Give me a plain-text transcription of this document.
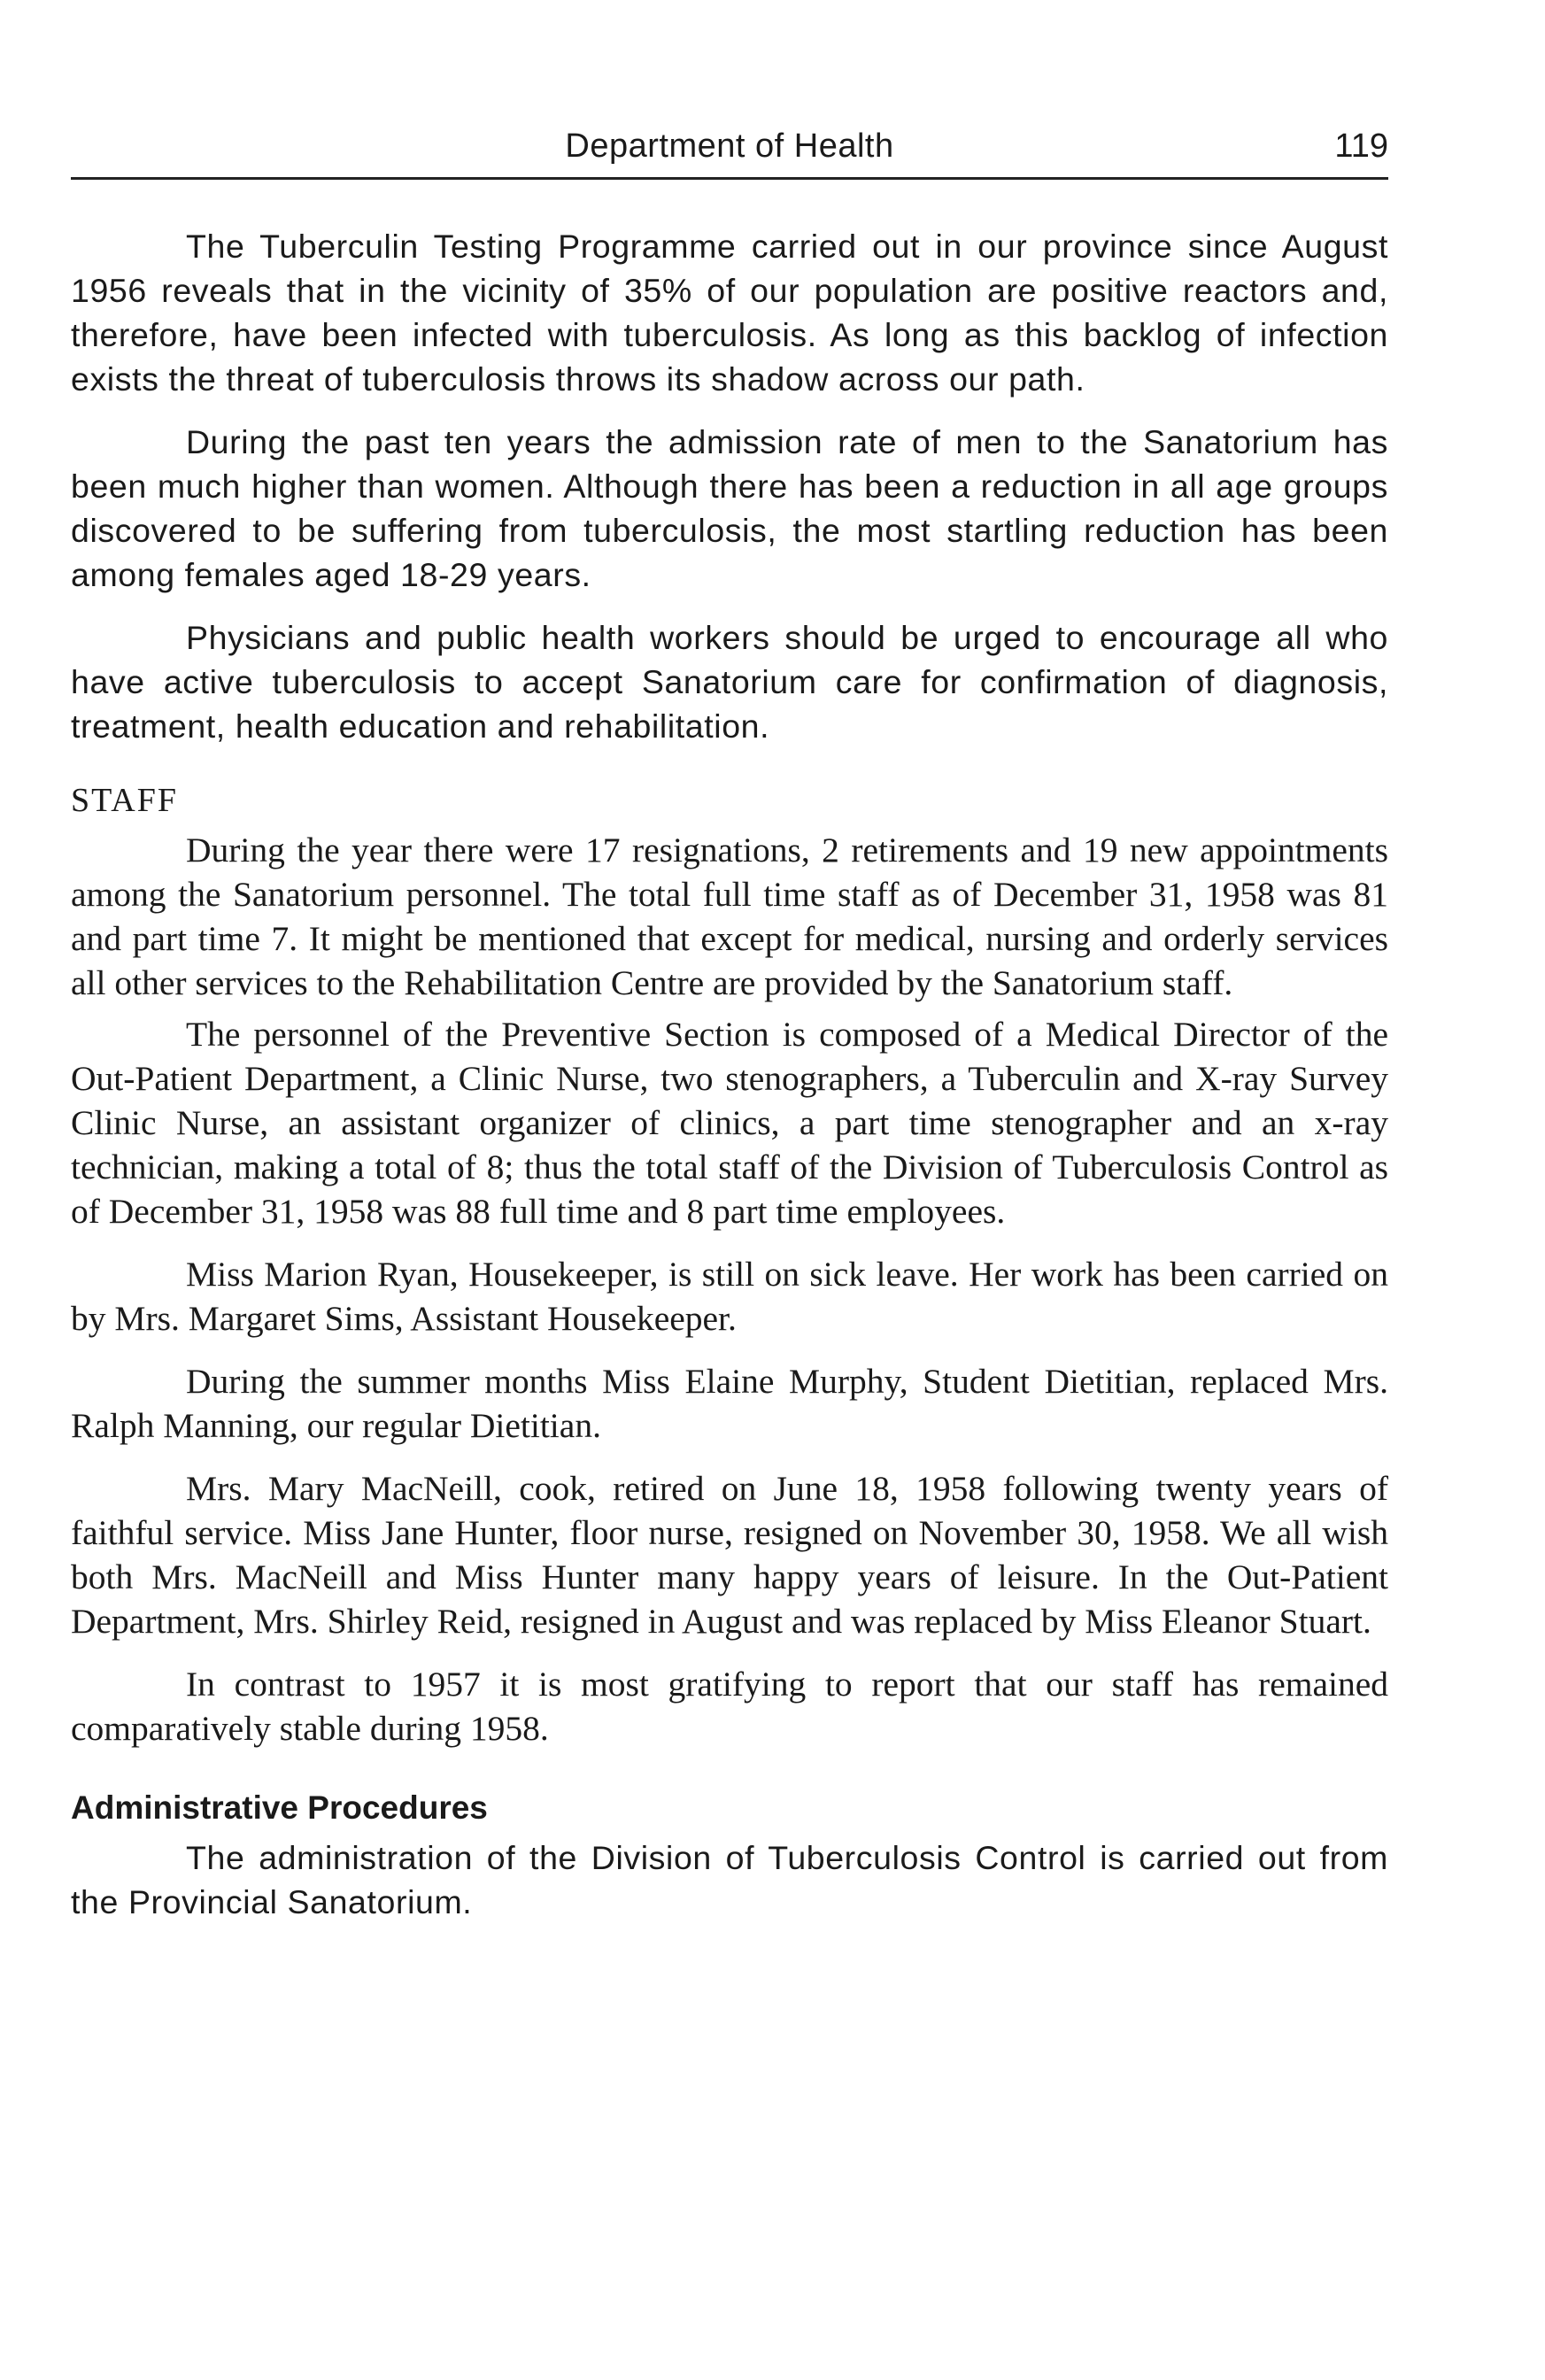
Department of Health	119

The Tuberculin Testing Programme carried out in our province since August 1956 reveals that in the vicinity of 35% of our population are positive reactors and, therefore, have been infected with tuberculosis. As long as this backlog of infection exists the threat of tuberculosis throws its shadow across our path.

During the past ten years the admission rate of men to the Sanatorium has been much higher than women. Although there has been a reduction in all age groups discovered to be suffering from tuberculosis, the most startling reduction has been among females aged 18-29 years.

Physicians and public health workers should be urged to encourage all who have active tuberculosis to accept Sanatorium care for confirmation of diagnosis, treatment, health education and rehabilitation.

STAFF

During the year there were 17 resignations, 2 retirements and 19 new appointments among the Sanatorium personnel. The total full time staff as of December 31, 1958 was 81 and part time 7. It might be mentioned that except for medical, nursing and orderly services all other services to the Rehabilitation Centre are provided by the Sanatorium staff.

The personnel of the Preventive Section is composed of a Medical Director of the Out-Patient Department, a Clinic Nurse, two stenographers, a Tuberculin and X-ray Survey Clinic Nurse, an assistant organizer of clinics, a part time stenographer and an x-ray technician, making a total of 8; thus the total staff of the Division of Tuberculosis Control as of December 31, 1958 was 88 full time and 8 part time employees.

Miss Marion Ryan, Housekeeper, is still on sick leave. Her work has been carried on by Mrs. Margaret Sims, Assistant Housekeeper.

During the summer months Miss Elaine Murphy, Student Dietitian, replaced Mrs. Ralph Manning, our regular Dietitian.

Mrs. Mary MacNeill, cook, retired on June 18, 1958 following twenty years of faithful service. Miss Jane Hunter, floor nurse, resigned on November 30, 1958. We all wish both Mrs. MacNeill and Miss Hunter many happy years of leisure. In the Out-Patient Department, Mrs. Shirley Reid, resigned in August and was replaced by Miss Eleanor Stuart.

In contrast to 1957 it is most gratifying to report that our staff has remained comparatively stable during 1958.

Administrative Procedures

The administration of the Division of Tuberculosis Control is carried out from the Provincial Sanatorium.
